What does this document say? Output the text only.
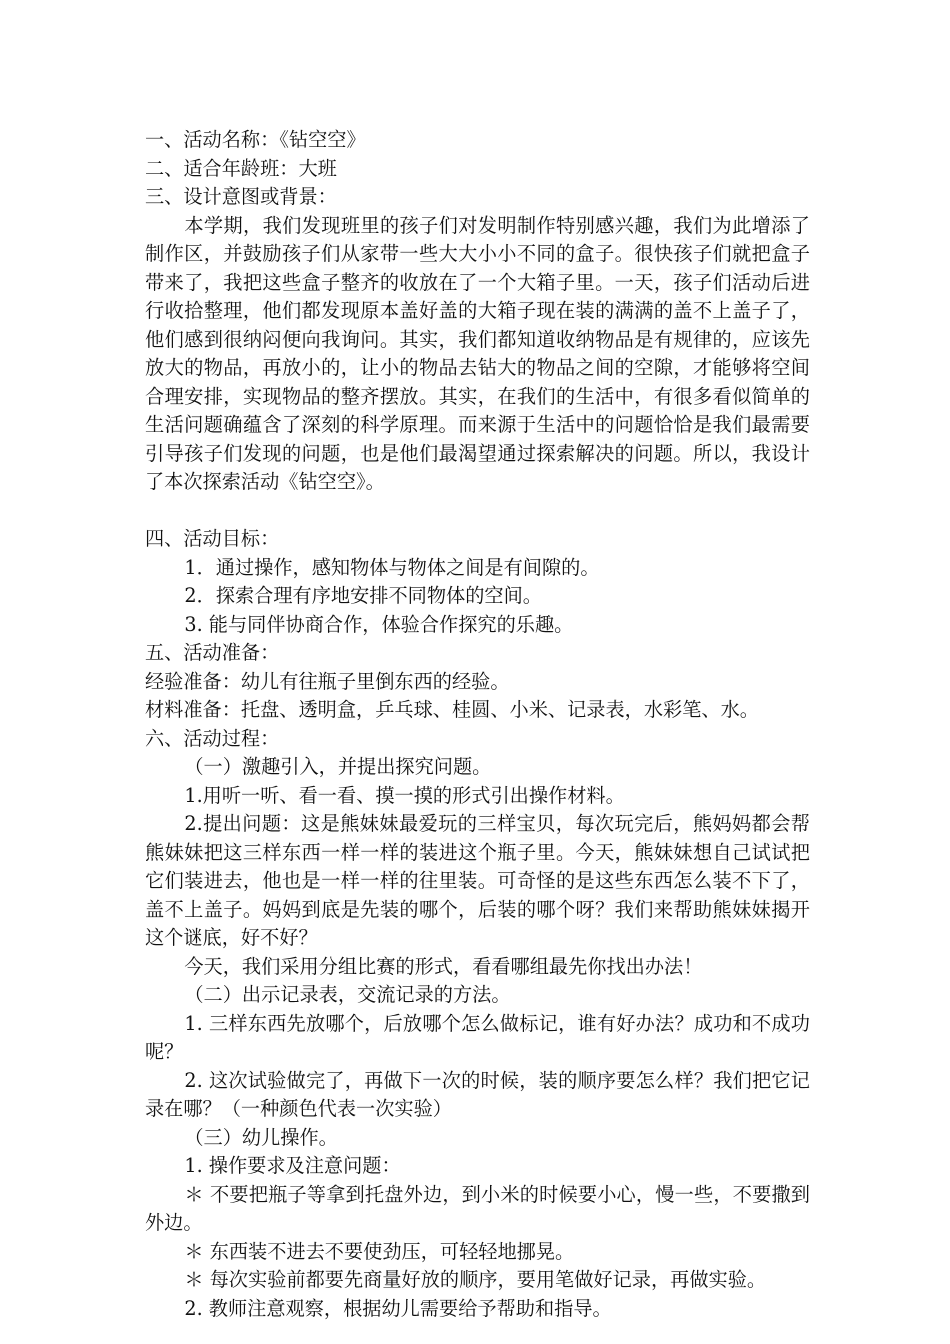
一、活动名称：《钻空空》

二、适合年龄班：大班

三、设计意图或背景：

本学期，我们发现班里的孩子们对发明制作特别感兴趣，我们为此增添了制作区，并鼓励孩子们从家带一些大大小小不同的盒子。很快孩子们就把盒子带来了，我把这些盒子整齐的收放在了一个大箱子里。一天，孩子们活动后进行收拾整理，他们都发现原本盖好盖的大箱子现在装的满满的盖不上盖子了，他们感到很纳闷便向我询问。其实，我们都知道收纳物品是有规律的，应该先放大的物品，再放小的，让小的物品去钻大的物品之间的空隙，才能够将空间合理安排，实现物品的整齐摆放。其实，在我们的生活中，有很多看似简单的生活问题确蕴含了深刻的科学原理。而来源于生活中的问题恰恰是我们最需要引导孩子们发现的问题，也是他们最渴望通过探索解决的问题。所以，我设计了本次探索活动《钻空空》。

四、活动目标：

1．通过操作，感知物体与物体之间是有间隙的。

2．探索合理有序地安排不同物体的空间。

3. 能与同伴协商合作，体验合作探究的乐趣。

五、活动准备：

经验准备：幼儿有往瓶子里倒东西的经验。

材料准备：托盘、透明盒，乒乓球、桂圆、小米、记录表，水彩笔、水。

六、活动过程：

（一）激趣引入，并提出探究问题。

1.用听一听、看一看、摸一摸的形式引出操作材料。

2.提出问题：这是熊妹妹最爱玩的三样宝贝，每次玩完后，熊妈妈都会帮熊妹妹把这三样东西一样一样的装进这个瓶子里。今天，熊妹妹想自己试试把它们装进去，他也是一样一样的往里装。可奇怪的是这些东西怎么装不下了，盖不上盖子。妈妈到底是先装的哪个，后装的哪个呀？我们来帮助熊妹妹揭开这个谜底，好不好？

今天，我们采用分组比赛的形式，看看哪组最先你找出办法！

（二）出示记录表，交流记录的方法。

1. 三样东西先放哪个，后放哪个怎么做标记，谁有好办法？成功和不成功呢？

2. 这次试验做完了，再做下一次的时候，装的顺序要怎么样？我们把它记录在哪？（一种颜色代表一次实验）

（三）幼儿操作。

1. 操作要求及注意问题：

＊ 不要把瓶子等拿到托盘外边，到小米的时候要小心，慢一些，不要撒到外边。

＊ 东西装不进去不要使劲压，可轻轻地挪晃。

＊ 每次实验前都要先商量好放的顺序，要用笔做好记录，再做实验。

2. 教师注意观察，根据幼儿需要给予帮助和指导。
